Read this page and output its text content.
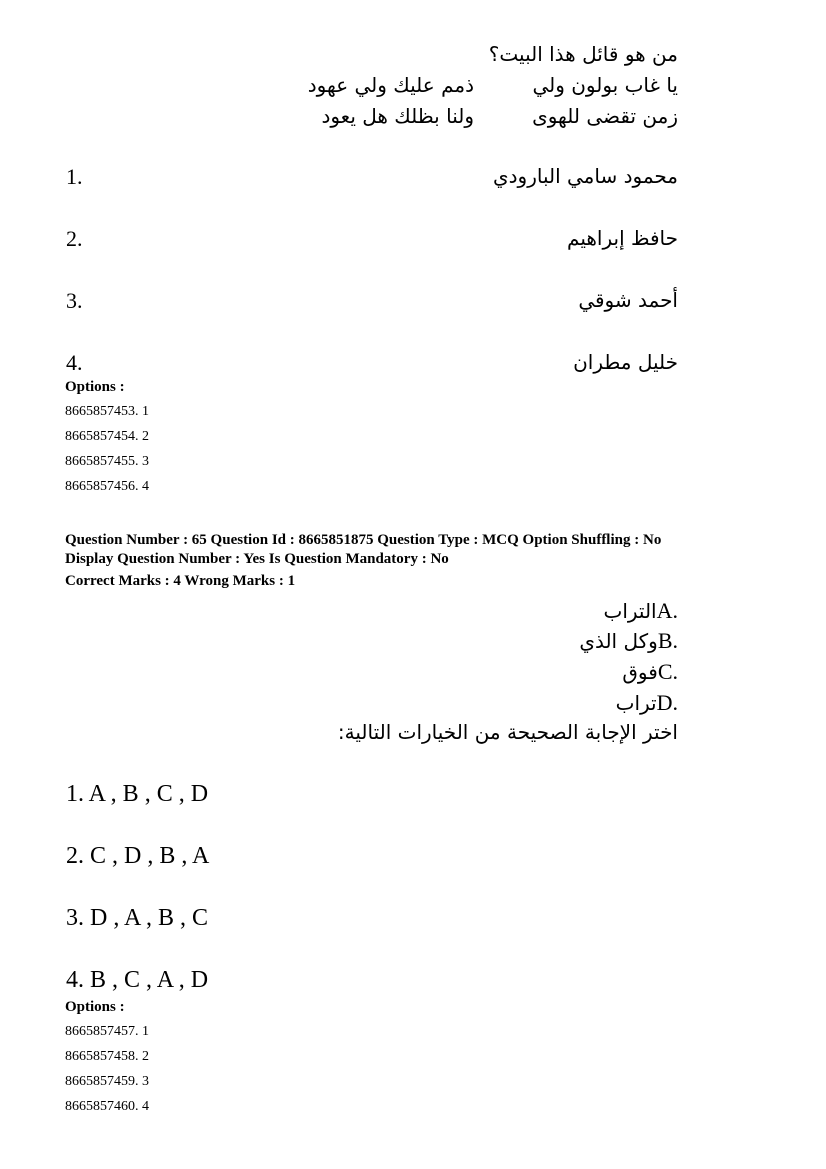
من هو قائل هذا البيت؟
يا غاب بولون ولي
ذمم عليك ولي عهود
زمن تقضى للهوى
ولنا بظلك هل يعود
1.	محمود سامي البارودي
2.	حافظ إبراهيم
3.	أحمد شوقي
4.	خليل مطران
Options :
8665857453. 1
8665857454. 2
8665857455. 3
8665857456. 4
Question Number : 65 Question Id : 8665851875 Question Type : MCQ Option Shuffling : No
Display Question Number : Yes Is Question Mandatory : No
Correct Marks : 4 Wrong Marks : 1
الترابA.
وكل الذيB.
فوقC.
ترابD.
اختر الإجابة الصحيحة من الخيارات التالية:
1. A , B , C , D
2. C , D , B , A
3. D , A , B , C
4. B , C , A , D
Options :
8665857457. 1
8665857458. 2
8665857459. 3
8665857460. 4
